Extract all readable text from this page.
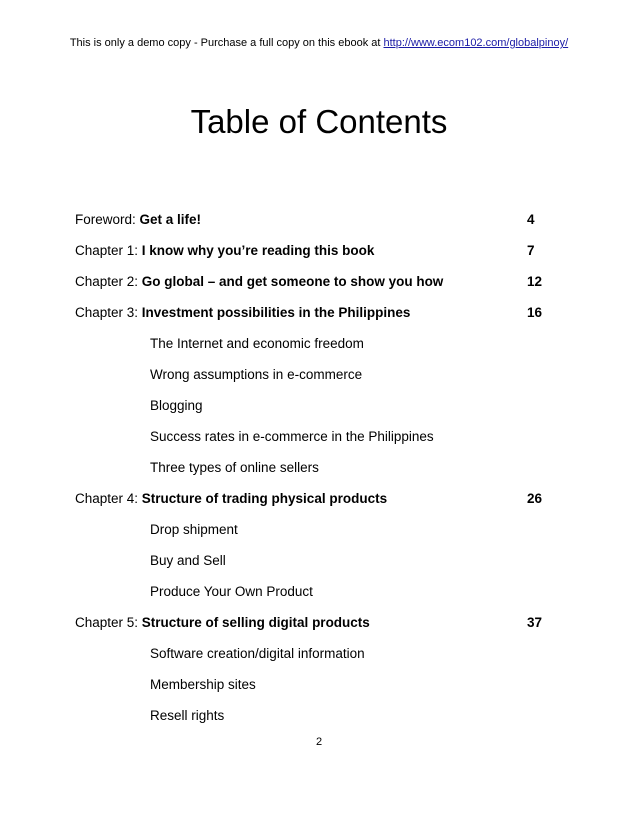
This is only a demo copy - Purchase a full copy on this ebook at http://www.ecom102.com/globalpinoy/
Table of Contents
Foreword: Get a life!	4
Chapter 1: I know why you’re reading this book	7
Chapter 2: Go global – and get someone to show you how	12
Chapter 3: Investment possibilities in the Philippines	16
The Internet and economic freedom
Wrong assumptions in e-commerce
Blogging
Success rates in e-commerce in the Philippines
Three types of online sellers
Chapter 4: Structure of trading physical products	26
Drop shipment
Buy and Sell
Produce Your Own Product
Chapter 5: Structure of selling digital products	37
Software creation/digital information
Membership sites
Resell rights
2
